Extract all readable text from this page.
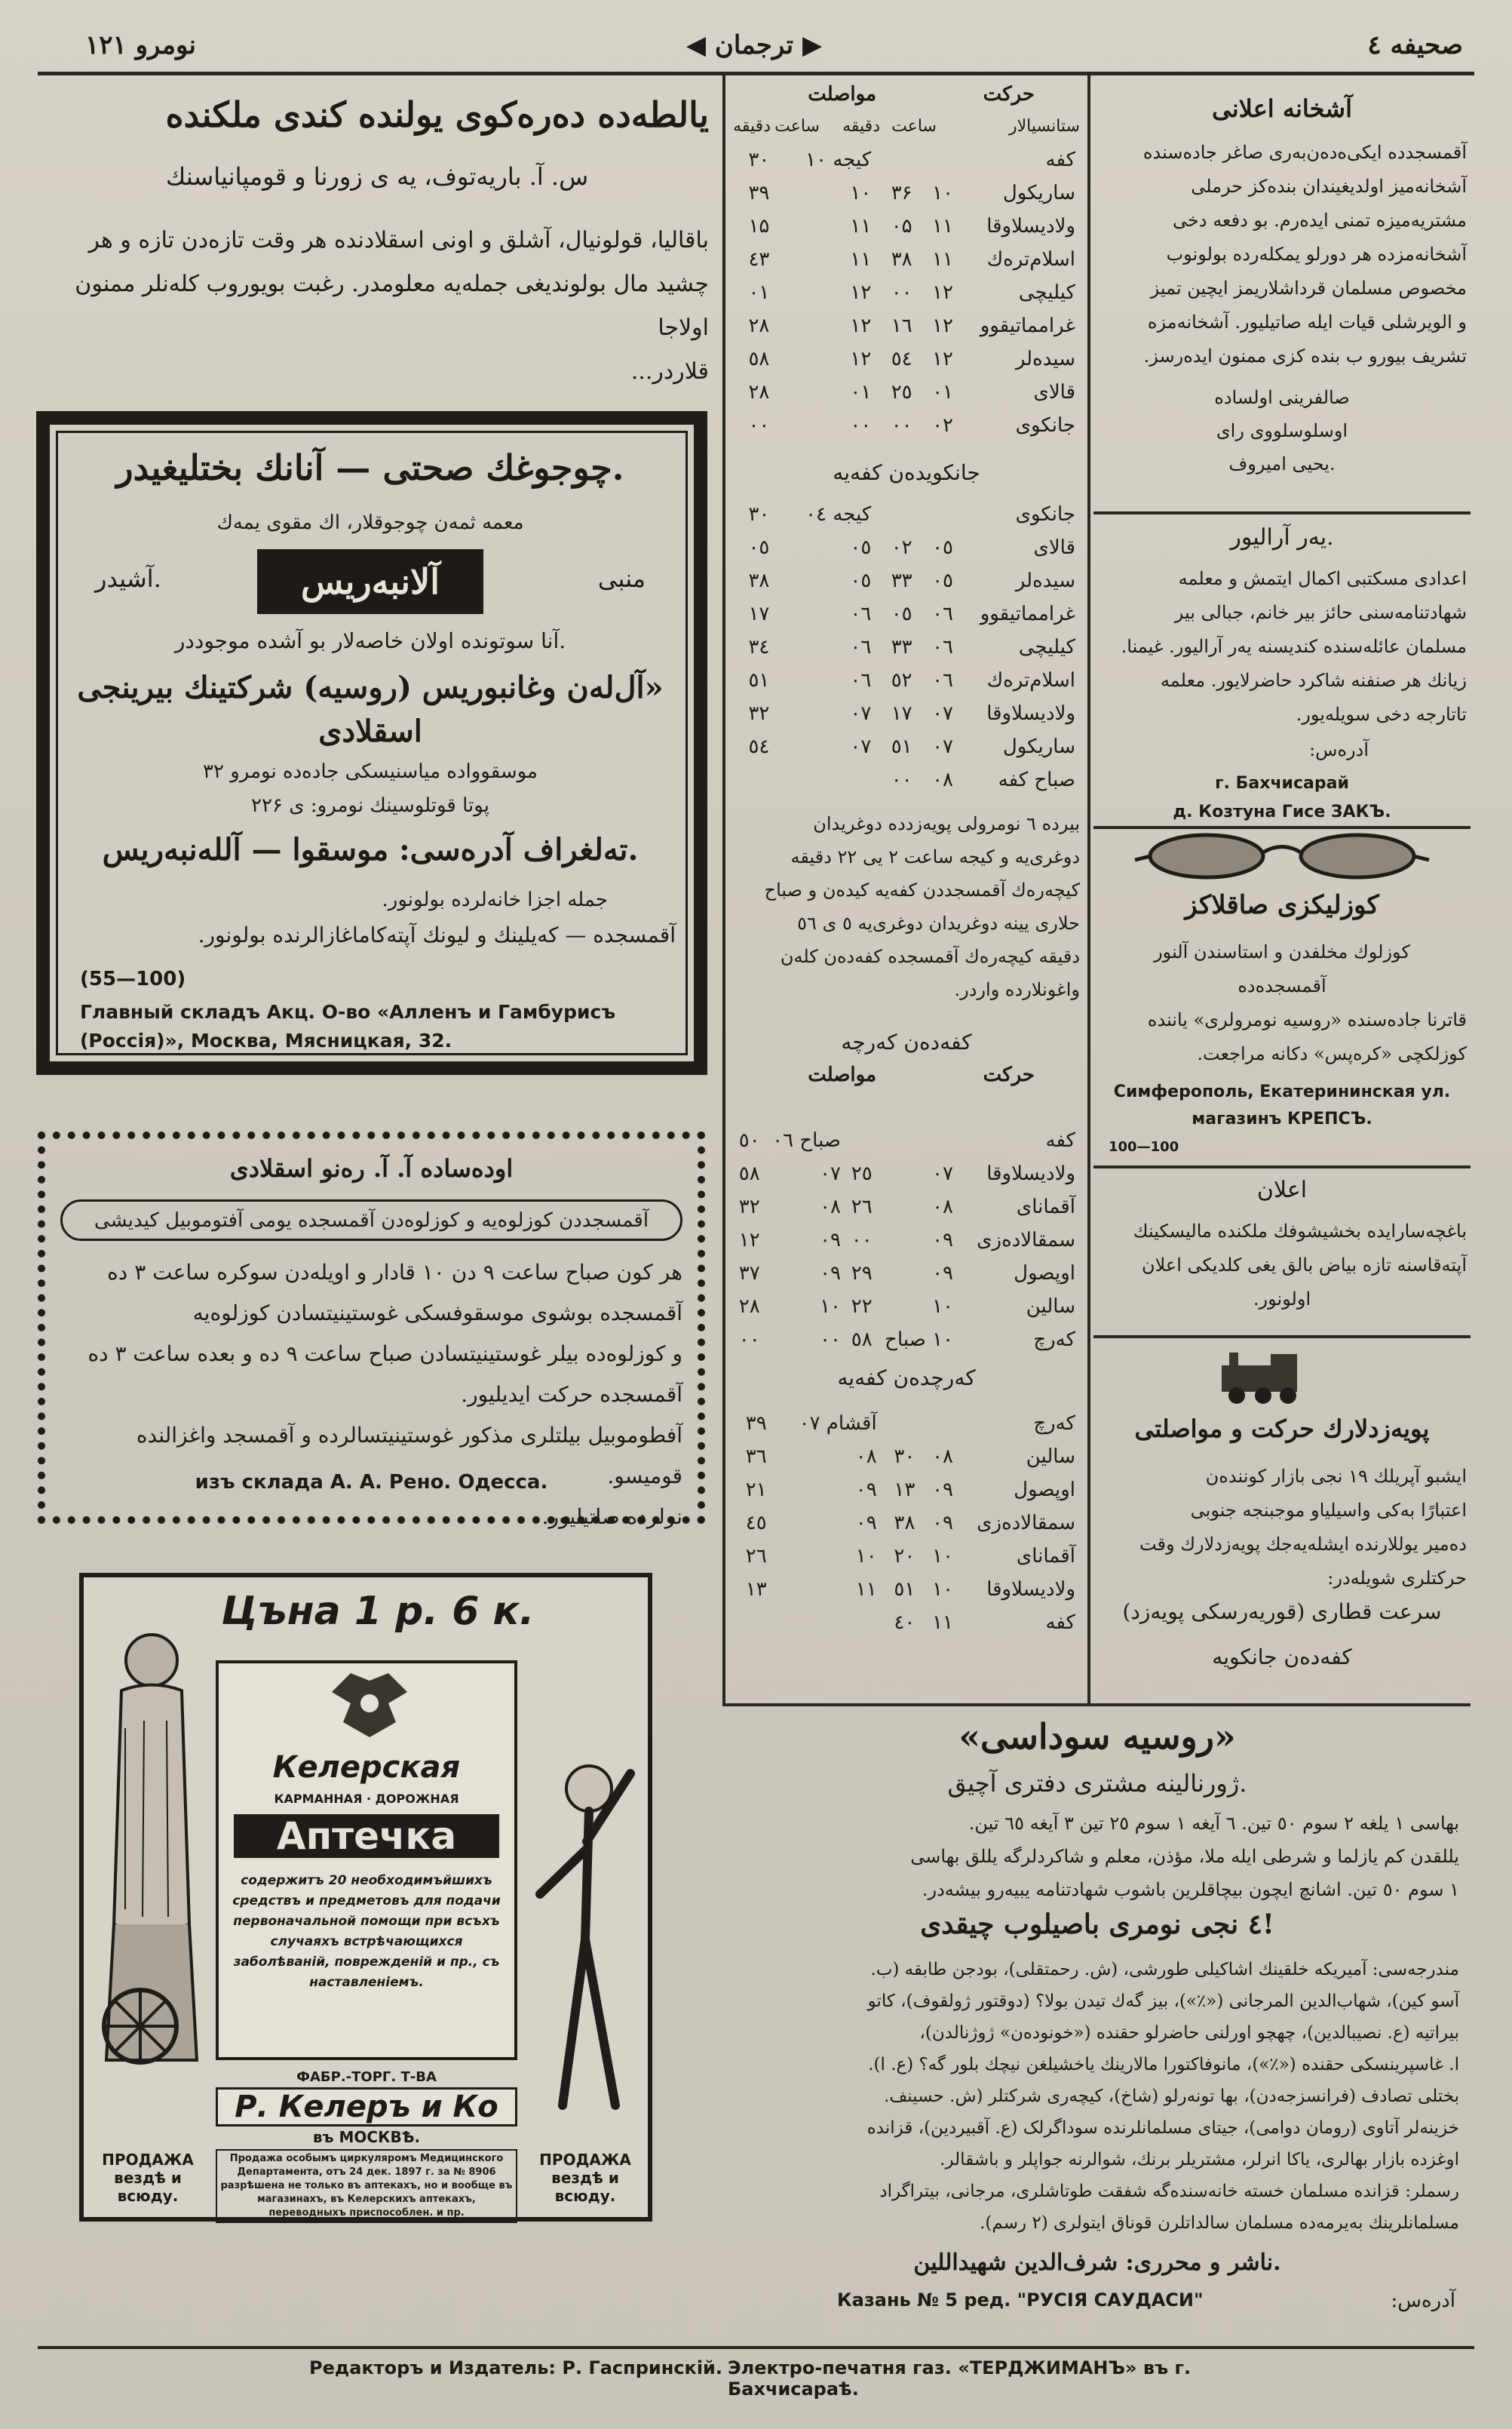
نومرو ۱۲۱	◀ ترجمان ▶	صحیفه ٤
یالطه‌ده دەرەکوی یولنده کندی ملکنده
س. آ. باریه‌توف، یه ی زورنا و قومپانیاسنك
باقالیا، قولونیال، آشلق و اونی اسقلادنده هر وقت تازه‌دن تازه و هر
چشید مال بولوندیغی جمله‌یه معلومدر. رغبت بویوروب کلەنلر ممنون اولاجا
قلاردر...
چوجوغك صحتی — آنانك بختلیغیدر.
معمه ثمه‌ن چوجوقلار، اك مقوی یمه‌ك
منبی
آلانبه‌ریس
آشیدر.
آنا سوتونده اولان خاصه‌لار بو آشده موجوددر.
«آل‌له‌ن وغانبوریس (روسیه) شرکتینك بیرینجی اسقلادی
موسقوواده میاسنیسکی جاده‌ده نومرو ۳۲
پوتا قوتلوسینك نومرو: ی ۲۲۶
تەلغراف آدرەسی: موسقوا — آلله‌نبه‌ریس.
جمله اجزا خانه‌لرده بولونور.
آقمسجده — کەیلینك و لیونك آپته‌کاماغازالرنده بولونور.
(55—100)
Главный складъ Акц. О-во «Алленъ и Гамбурисъ (Россія)», Москва, Мясницкая, 32.
اوده‌ساده آ. آ. رەنو اسقلادی
آقمسجددن کوزلوه‌یه و کوزلوه‌دن آقمسجده یومی آفتوموبیل کیدیشی
هر کون صباح ساعت ۹ دن ۱۰ قادار و اویله‌دن سوکره ساعت ۳ ده
آقمسجده بوشوی موسقوفسکی غوستینیتسادن کوزلوه‌یه
و کوزلوه‌ده بیلر غوستینیتسادن صباح ساعت ۹ ده و بعده ساعت ۳ ده
آقمسجده حرکت ایدیلیور.
آفطوموبیل بیلتلری مذکور غوستینیتسالرده و آقمسجد واغزالنده قومیسو.
نرلرده صاتیلیور.
изъ склада А. А. Рено. Одесса.
Цъна 1 р. 6 к.
Келерская
КАРМАННАЯ · ДОРОЖНАЯ
Аптечка
содержитъ 20 необходимъйшихъ средствъ и предметовъ для подачи первоначальной помощи при всъхъ случаяхъ встрѣчающихся заболѣванiй, поврежденiй и пр., съ наставленiемъ.
ФАБР.-ТОРГ. Т-ВА
Р. Келеръ и Ко
въ МОСКВѢ.
ПРОДАЖА вездѣ и всюду.
ПРОДАЖА вездѣ и всюду.
Продажа особымъ циркуляромъ Медицинского Департамента, отъ 24 дек. 1897 г. за № 8906 разрѣшена не только въ аптекахъ, но и вообще въ магазинахъ, въ Келерскихъ аптекахъ, переводныхъ приспособлен. и пр.
حرکت
مواصلت
ستانسیالار
ساعت
دقیقه
ساعت
دقیقه
کفه			کیجه ۱۰	۳۰
ساریکول	۱۰	۳۶	۱۰	۳۹
ولادیسلاوقا	۱۱	۰۵	۱۱	۱۵
اسلام‌تره‌ك	۱۱	۳۸	۱۱	٤۳
کیلیچی	۱۲	۰۰	۱۲	۰۱
غرامماتیقوو	۱۲	۱٦	۱۲	۲۸
سیدەلر	۱۲	٥٤	۱۲	٥۸
قالای	۰۱	۲٥	۰۱	۲۸
جانکوی	۰۲	۰۰	۰۰	۰۰
جانکویدەن کفه‌یه
جانکوی			کیجه ۰٤	۳۰
قالای	۰٥	۰۲	۰٥	۰٥
سیدەلر	۰٥	۳۳	۰٥	۳۸
غرامماتیقوو	۰٦	۰٥	۰٦	۱۷
کیلیچی	۰٦	۳۳	۰٦	۳٤
اسلام‌تره‌ك	۰٦	٥۲	۰٦	٥۱
ولادیسلاوقا	۰۷	۱۷	۰۷	۳۲
ساریکول	۰۷	٥۱	۰۷	٥٤
صباح کفه	۰۸	۰۰		
بیرده ٦ نومرولی پویەزدده دوغریدان
دوغری‌یه و کیجه ساعت ۲ یی ۲۲ دقیقه
کیچەرەك آقمسجددن کفه‌یه کیدەن و صباح
حلاری یینه دوغریدان دوغری‌یه ٥ ی ٥٦
دقیقه کیچەرەك آقمسجده کفەدەن کلەن
واغونلاردە واردر.
کفەدەن کەرچه
حرکت
مواصلت
کفه			صباح ۰٦	٥۰
ولادیسلاوقا	۰۷	۲٥	۰۷	٥۸
آقمانای	۰۸	۲٦	۰۸	۳۲
سمقالادەزی	۰۹	۰۰	۰۹	۱۲
اوپصول	۰۹	۲۹	۰۹	۳۷
سالین	۱۰	۲۲	۱۰	۲۸
کەرچ	۱۰ صباح	٥۸	۰۰	۰۰
کەرچدەن کفه‌یه
کەرچ			آقشام ۰۷	۳۹
سالین	۰۸	۳۰	۰۸	۳٦
اوپصول	۰۹	۱۳	۰۹	۲۱
سمقالادەزی	۰۹	۳۸	۰۹	٤٥
آقمانای	۱۰	۲۰	۱۰	۲٦
ولادیسلاوقا	۱۰	٥۱	۱۱	۱۳
کفه	۱۱	٤۰		
آشخانه اعلانی
آقمسجدده ایکی‌ه‌دەن‌بەری صاغر جاده‌سنده
آشخانه‌میز اولدیغیندان بنده‌کز حرملی
مشتریه‌میزه تمنی ایدەرم. بو دفعه دخی
آشخانەمزده هر دورلو یمکله‌رده بولونوب
مخصوص مسلمان قرداشلاریمز ایچین تمیز
و الویرشلی قیات ایله صاتیلیور. آشخانەمزه
تشریف بیورو ب بنده کزی ممنون ایدەرسز.
صالفرینی اولساده
اوسلوسلووی رای
یحیی امیروف.
یەر آرالیور.
اعدادی مسکتبی اکمال ایتمش و معلمه
شهادتنامه‌سنی حائز بیر خانم، جبالی بیر
مسلمان عائله‌سنده کندیسنه یەر آرالیور. غیمنا.
زیانك هر صنفنه شاکرد حاضرلایور. معلمه
تاتارجه دخی سویله‌یور.
آدرەس:
г. Бахчисарай
д. Козтуна Гисе ЗАКЪ.
کوزلیکزی صاقلاکز
کوزلوك مخلفدن و استاسندن آلنور
آقمسجده‌ده
قاترنا جاده‌سنده «روسیه نومرولری» یاننده
کوزلکچی «کرەپس» دکانه مراجعت.
Симферополь, Екатерининская ул.
магазинъ КРЕПСЪ.
100—100
اعلان
باغچه‌سارایده بخشیشوفك ملکنده مالیسکینك
آپته‌قاسنه تازه بیاض بالق یغی کلدیکی اعلان
اولونور.
پویەزدلارك حرکت و مواصلتی
ایشبو آپریلك ۱۹ نجی بازار کونندەن
اعتبارًا بەکی واسیلیاو موجبنجه جنوبی
دەمیر یوللارنده ایشله‌یه‌جك پویەزدلارك وقت
حرکتلری شویله‌در:
سرعت قطاری (قوریەرسکی پویەزد)
کفه‌دەن جانکویه
«روسیه سوداسی»
ژورنالینه مشتری دفتری آچیق.
بهاسی ۱ یلغه ۲ سوم ٥۰ تین. ٦ آیغه ۱ سوم ۲٥ تین ۳ آیغه ٦٥ تین.
یللقدن کم یازلما و شرطی ایله ملا، مؤذن، معلم و شاکردلرگه یللق بهاسی
۱ سوم ٥۰ تین. اشانچ ایچون بیچاقلرین باشوب شهادتنامه یبیەرو بیشەدر.
٤ نجی نومری باصیلوب چیقدی!
مندرجه‌سی: آمیریکه خلقینك اشاکیلی طورشی، (ش. رحمتقلی)، بودجن طابقه (ب.
آسو کین)، شهاب‌الدین المرجانی («٪»)، بیز گەك تیدن بولا؟ (دوقتور ژولقوف)، کاتو
بیراتیه (ع. نصیبالدین)، چهچو اورلنی حاضرلو حقنده («خونوده‌ن» ژوژنالدن)،
ا. غاسپرینسکی حقنده («٪»)، مانوفاکتورا مالارینك یاخشیلغن نیچك بلور گه؟ (ع. ا).
بختلی تصادف (فرانسزجەدن)، بها تونەرلو (شاخ)، کیچه‌ری شرکتلر (ش. حسینف.
خزینه‌لر آتاوی (رومان دوامی)، جیتای مسلمانلرنده سوداگرلک (ع. آقبیردین)، قزانده
اوغزده بازار بهالری، یاکا انرلر، مشتریلر برنك، شوالرنه جواپلر و باشقالر.
رسملر: قزانده مسلمان خسته خانه‌سنده‌گه شفقت طوتاشلری، مرجانی، بیتراگراد
مسلمانلرینك بەیرمەده مسلمان سالداتلرن قوناق ایتولری (۲ رسم).
ناشر و محرری: شرف‌الدین شهیداللین.
آدرەس:
Казань № 5 ред. "РУСІЯ САУДАСИ"
Редакторъ и Издатель: Р. Гаспринскій. Электро-печатня газ. «ТЕРДЖИМАНЪ» въ г. Бахчисараѣ.
